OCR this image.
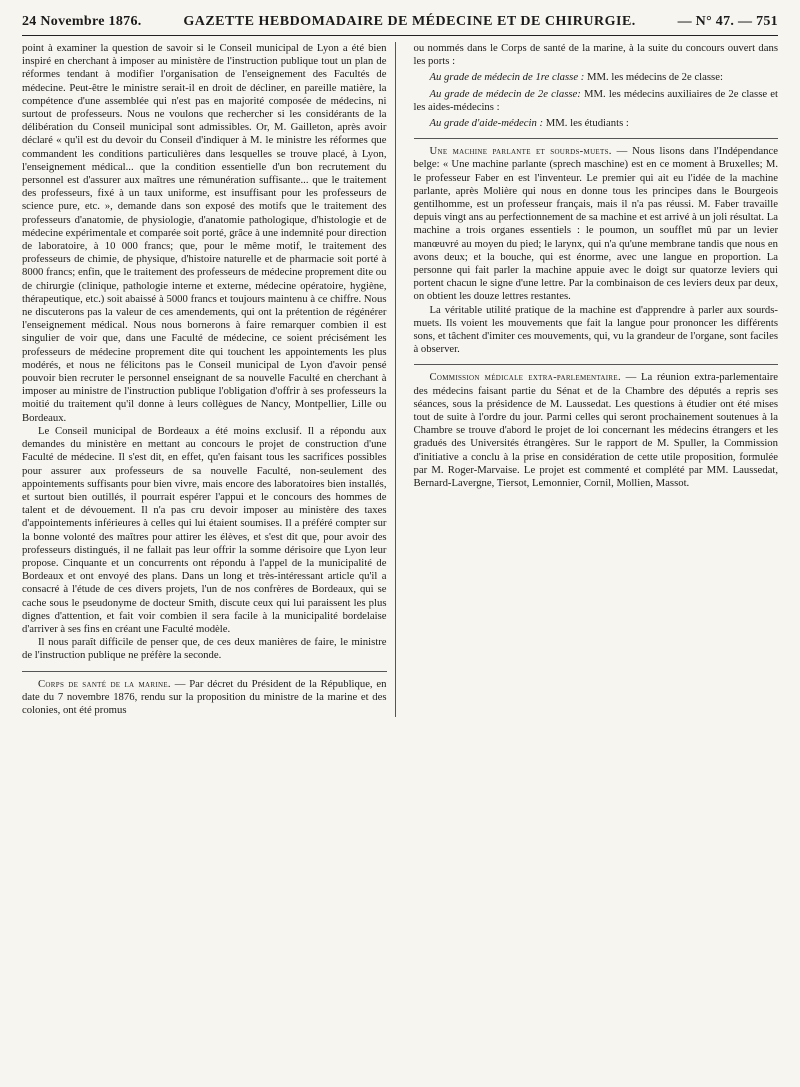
24 Novembre 1876.	GAZETTE HEBDOMADAIRE DE MÉDECINE ET DE CHIRURGIE.	— N° 47. — 751

point à examiner la question de savoir si le Conseil municipal de Lyon a été bien inspiré en cherchant à imposer au ministère de l'instruction publique tout un plan de réformes tendant à modifier l'organisation de l'enseignement des Facultés de médecine. Peut-être le ministre serait-il en droit de décliner, en pareille matière, la compétence d'une assemblée qui n'est pas en majorité composée de médecins, ni surtout de professeurs. Nous ne voulons que rechercher si les considérants de la délibération du Conseil municipal sont admissibles. Or, M. Gailleton, après avoir déclaré « qu'il est du devoir du Conseil d'indiquer à M. le ministre les réformes que commandent les conditions particulières dans lesquelles se trouve placé, à Lyon, l'enseignement médical... que la condition essentielle d'un bon recrutement du personnel est d'assurer aux maîtres une rémunération suffisante... que le traitement des professeurs, fixé à un taux uniforme, est insuffisant pour les professeurs de science pure, etc. », demande dans son exposé des motifs que le traitement des professeurs d'anatomie, de physiologie, d'anatomie pathologique, d'histologie et de médecine expérimentale et comparée soit porté, grâce à une indemnité pour direction de laboratoire, à 10 000 francs; que, pour le même motif, le traitement des professeurs de chimie, de physique, d'histoire naturelle et de pharmacie soit porté à 8000 francs; enfin, que le traitement des professeurs de médecine proprement dite ou de chirurgie (clinique, pathologie interne et externe, médecine opératoire, hygiène, thérapeutique, etc.) soit abaissé à 5000 francs et toujours maintenu à ce chiffre. Nous ne discuterons pas la valeur de ces amendements, qui ont la prétention de régénérer l'enseignement médical. Nous nous bornerons à faire remarquer combien il est singulier de voir que, dans une Faculté de médecine, ce soient précisément les professeurs de médecine proprement dite qui touchent les appointements les plus modérés, et nous ne félicitons pas le Conseil municipal de Lyon d'avoir pensé pouvoir bien recruter le personnel enseignant de sa nouvelle Faculté en cherchant à imposer au ministre de l'instruction publique l'obligation d'offrir à ses professeurs la moitié du traitement qu'il donne à leurs collègues de Nancy, Montpellier, Lille ou Bordeaux.

Le Conseil municipal de Bordeaux a été moins exclusif. Il a répondu aux demandes du ministère en mettant au concours le projet de construction d'une Faculté de médecine. Il s'est dit, en effet, qu'en faisant tous les sacrifices possibles pour assurer aux professeurs de sa nouvelle Faculté, non-seulement des appointements suffisants pour bien vivre, mais encore des laboratoires bien installés, et surtout bien outillés, il pourrait espérer l'appui et le concours des hommes de talent et de dévouement. Il n'a pas cru devoir imposer au ministère des taxes d'appointements inférieures à celles qui lui étaient soumises. Il a préféré compter sur la bonne volonté des maîtres pour attirer les élèves, et s'est dit que, pour avoir des professeurs distingués, il ne fallait pas leur offrir la somme dérisoire que Lyon leur propose. Cinquante et un concurrents ont répondu à l'appel de la municipalité de Bordeaux et ont envoyé des plans. Dans un long et très-intéressant article qu'il a consacré à l'étude de ces divers projets, l'un de nos confrères de Bordeaux, qui se cache sous le pseudonyme de docteur Smith, discute ceux qui lui paraissent les plus dignes d'attention, et fait voir combien il sera facile à la municipalité bordelaise d'arriver à ses fins en créant une Faculté modèle.

Il nous paraît difficile de penser que, de ces deux manières de faire, le ministre de l'instruction publique ne préfère la seconde.

Corps de santé de la marine. — Par décret du Président de la République, en date du 7 novembre 1876, rendu sur la proposition du ministre de la marine et des colonies, ont été promus

ou nommés dans le Corps de santé de la marine, à la suite du concours ouvert dans les ports :

Au grade de médecin de 1re classe : MM. les médecins de 2e classe:

Au grade de médecin de 2e classe: MM. les médecins auxiliaires de 2e classe et les aides-médecins :

Au grade d'aide-médecin : MM. les étudiants :

Une machine parlante et sourds-muets. — Nous lisons dans l'Indépendance belge: « Une machine parlante (sprech maschine) est en ce moment à Bruxelles; M. le professeur Faber en est l'inventeur. Le premier qui ait eu l'idée de la machine parlante, après Molière qui nous en donne tous les principes dans le Bourgeois gentilhomme, est un professeur français, mais il n'a pas réussi. M. Faber travaille depuis vingt ans au perfectionnement de sa machine et est arrivé à un joli résultat. La machine a trois organes essentiels : le poumon, un soufflet mû par un levier manœuvré au moyen du pied; le larynx, qui n'a qu'une membrane tandis que nous en avons deux; et la bouche, qui est énorme, avec une langue en proportion. La personne qui fait parler la machine appuie avec le doigt sur quatorze leviers qui portent chacun le signe d'une lettre. Par la combinaison de ces leviers deux par deux, on obtient les douze lettres restantes.

La véritable utilité pratique de la machine est d'apprendre à parler aux sourds-muets. Ils voient les mouvements que fait la langue pour prononcer les différents sons, et tâchent d'imiter ces mouvements, qui, vu la grandeur de l'organe, sont faciles à observer.

Commission médicale extra-parlementaire. — La réunion extra-parlementaire des médecins faisant partie du Sénat et de la Chambre des députés a repris ses séances, sous la présidence de M. Laussedat. Les questions à étudier ont été mises tout de suite à l'ordre du jour. Parmi celles qui seront prochainement soutenues à la Chambre se trouve d'abord le projet de loi concernant les médecins étrangers et les gradués des Universités étrangères. Sur le rapport de M. Spuller, la Commission d'initiative a conclu à la prise en considération de cette utile proposition, formulée par M. Roger-Marvaise. Le projet est commenté et complété par MM. Laussedat, Bernard-Lavergne, Tiersot, Lemonnier, Cornil, Mollien, Massot.
